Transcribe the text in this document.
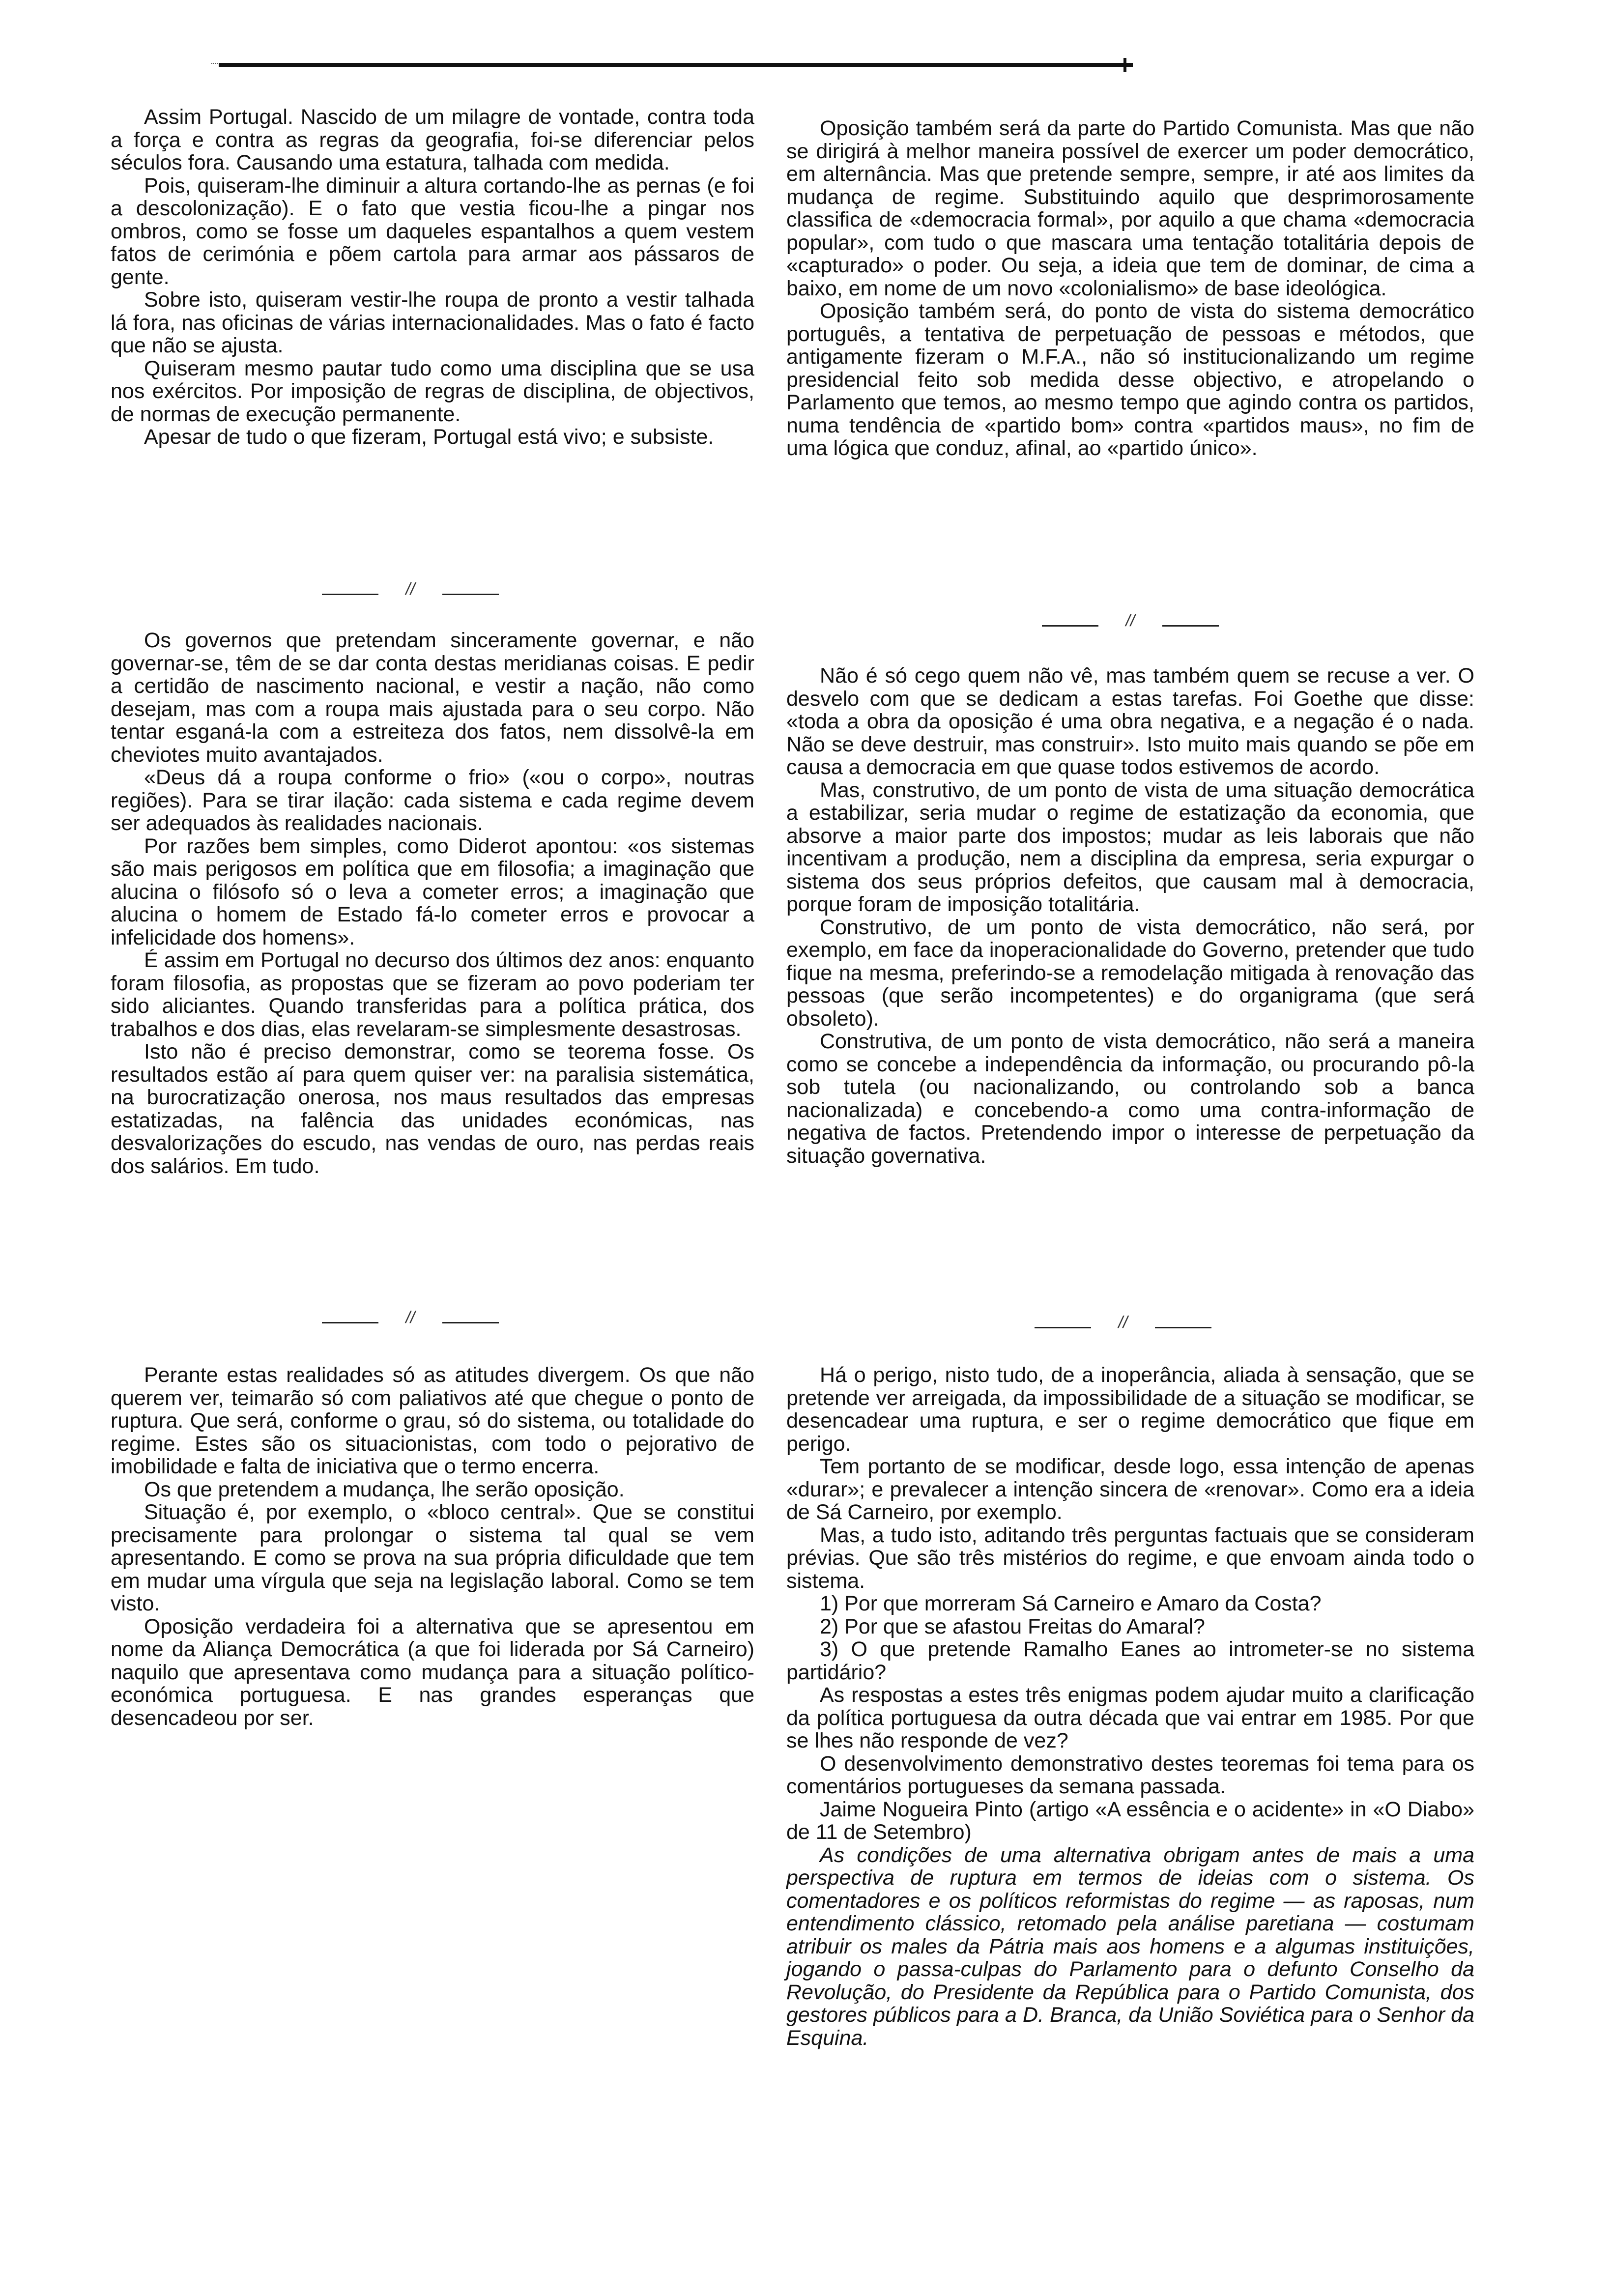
Assim Portugal. Nascido de um milagre de vontade, contra toda a força e contra as regras da geografia, foi-se diferenciar pelos séculos fora. Causando uma estatura, talhada com medida.

Pois, quiseram-lhe diminuir a altura cortando-lhe as pernas (e foi a descolonização). E o fato que vestia ficou-lhe a pingar nos ombros, como se fosse um daqueles espantalhos a quem vestem fatos de cerimónia e põem cartola para armar aos pássaros de gente.

Sobre isto, quiseram vestir-lhe roupa de pronto a vestir talhada lá fora, nas oficinas de várias internacionalidades. Mas o fato é facto que não se ajusta.

Quiseram mesmo pautar tudo como uma disciplina que se usa nos exércitos. Por imposição de regras de disciplina, de objectivos, de normas de execução permanente.

Apesar de tudo o que fizeram, Portugal está vivo; e subsiste.

//

Os governos que pretendam sinceramente governar, e não governar-se, têm de se dar conta destas meridianas coisas. E pedir a certidão de nascimento nacional, e vestir a nação, não como desejam, mas com a roupa mais ajustada para o seu corpo. Não tentar esganá-la com a estreiteza dos fatos, nem dissolvê-la em cheviotes muito avantajados.

«Deus dá a roupa conforme o frio» («ou o corpo», noutras regiões). Para se tirar ilação: cada sistema e cada regime devem ser adequados às realidades nacionais.

Por razões bem simples, como Diderot apontou: «os sistemas são mais perigosos em política que em filosofia; a imaginação que alucina o filósofo só o leva a cometer erros; a imaginação que alucina o homem de Estado fá-lo cometer erros e provocar a infelicidade dos homens».

É assim em Portugal no decurso dos últimos dez anos: enquanto foram filosofia, as propostas que se fizeram ao povo poderiam ter sido aliciantes. Quando transferidas para a política prática, dos trabalhos e dos dias, elas revelaram-se simplesmente desastrosas.

Isto não é preciso demonstrar, como se teorema fosse. Os resultados estão aí para quem quiser ver: na paralisia sistemática, na burocratização onerosa, nos maus resultados das empresas estatizadas, na falência das unidades económicas, nas desvalorizações do escudo, nas vendas de ouro, nas perdas reais dos salários. Em tudo.

//

Perante estas realidades só as atitudes divergem. Os que não querem ver, teimarão só com paliativos até que chegue o ponto de ruptura. Que será, conforme o grau, só do sistema, ou totalidade do regime. Estes são os situacionistas, com todo o pejorativo de imobilidade e falta de iniciativa que o termo encerra.

Os que pretendem a mudança, lhe serão oposição.

Situação é, por exemplo, o «bloco central». Que se constitui precisamente para prolongar o sistema tal qual se vem apresentando. E como se prova na sua própria dificuldade que tem em mudar uma vírgula que seja na legislação laboral. Como se tem visto.

Oposição verdadeira foi a alternativa que se apresentou em nome da Aliança Democrática (a que foi liderada por Sá Carneiro) naquilo que apresentava como mudança para a situação político-económica portuguesa. E nas grandes esperanças que desencadeou por ser.

Oposição também será da parte do Partido Comunista. Mas que não se dirigirá à melhor maneira possível de exercer um poder democrático, em alternância. Mas que pretende sempre, sempre, ir até aos limites da mudança de regime. Substituindo aquilo que desprimorosamente classifica de «democracia formal», por aquilo a que chama «democracia popular», com tudo o que mascara uma tentação totalitária depois de «capturado» o poder. Ou seja, a ideia que tem de dominar, de cima a baixo, em nome de um novo «colonialismo» de base ideológica.

Oposição também será, do ponto de vista do sistema democrático português, a tentativa de perpetuação de pessoas e métodos, que antigamente fizeram o M.F.A., não só institucionalizando um regime presidencial feito sob medida desse objectivo, e atropelando o Parlamento que temos, ao mesmo tempo que agindo contra os partidos, numa tendência de «partido bom» contra «partidos maus», no fim de uma lógica que conduz, afinal, ao «partido único».

//

Não é só cego quem não vê, mas também quem se recuse a ver. O desvelo com que se dedicam a estas tarefas. Foi Goethe que disse: «toda a obra da oposição é uma obra negativa, e a negação é o nada. Não se deve destruir, mas construir». Isto muito mais quando se põe em causa a democracia em que quase todos estivemos de acordo.

Mas, construtivo, de um ponto de vista de uma situação democrática a estabilizar, seria mudar o regime de estatização da economia, que absorve a maior parte dos impostos; mudar as leis laborais que não incentivam a produção, nem a disciplina da empresa, seria expurgar o sistema dos seus próprios defeitos, que causam mal à democracia, porque foram de imposição totalitária.

Construtivo, de um ponto de vista democrático, não será, por exemplo, em face da inoperacionalidade do Governo, pretender que tudo fique na mesma, preferindo-se a remodelação mitigada à renovação das pessoas (que serão incompetentes) e do organigrama (que será obsoleto).

Construtiva, de um ponto de vista democrático, não será a maneira como se concebe a independência da informação, ou procurando pô-la sob tutela (ou nacionalizando, ou controlando sob a banca nacionalizada) e concebendo-a como uma contra-informação de negativa de factos. Pretendendo impor o interesse de perpetuação da situação governativa.

//

Há o perigo, nisto tudo, de a inoperância, aliada à sensação, que se pretende ver arreigada, da impossibilidade de a situação se modificar, se desencadear uma ruptura, e ser o regime democrático que fique em perigo.

Tem portanto de se modificar, desde logo, essa intenção de apenas «durar»; e prevalecer a intenção sincera de «renovar». Como era a ideia de Sá Carneiro, por exemplo.

Mas, a tudo isto, aditando três perguntas factuais que se consideram prévias. Que são três mistérios do regime, e que envoam ainda todo o sistema.

1) Por que morreram Sá Carneiro e Amaro da Costa?

2) Por que se afastou Freitas do Amaral?

3) O que pretende Ramalho Eanes ao intrometer-se no sistema partidário?

As respostas a estes três enigmas podem ajudar muito a clarificação da política portuguesa da outra década que vai entrar em 1985. Por que se lhes não responde de vez?

O desenvolvimento demonstrativo destes teoremas foi tema para os comentários portugueses da semana passada.

Jaime Nogueira Pinto (artigo «A essência e o acidente» in «O Diabo» de 11 de Setembro)

As condições de uma alternativa obrigam antes de mais a uma perspectiva de ruptura em termos de ideias com o sistema. Os comentadores e os políticos reformistas do regime — as raposas, num entendimento clássico, retomado pela análise paretiana — costumam atribuir os males da Pátria mais aos homens e a algumas instituições, jogando o passa-culpas do Parlamento para o defunto Conselho da Revolução, do Presidente da República para o Partido Comunista, dos gestores públicos para a D. Branca, da União Soviética para o Senhor da Esquina.
